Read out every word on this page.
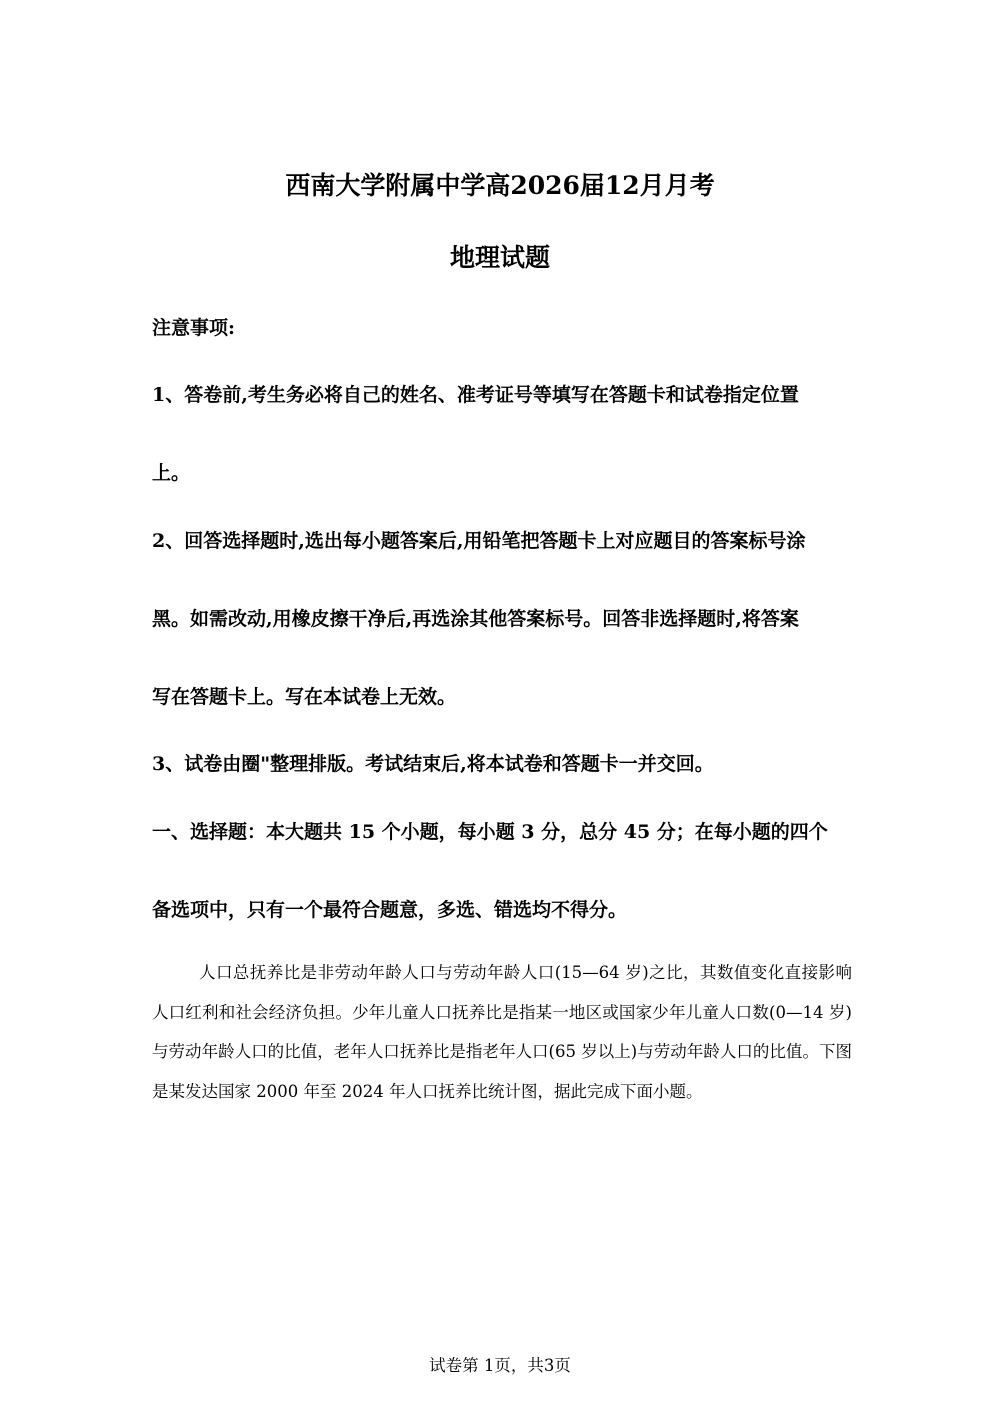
西南大学附属中学高2026届12月月考
地理试题
注意事项:
1、答卷前,考生务必将自己的姓名、准考证号等填写在答题卡和试卷指定位置
上。
2、回答选择题时,选出每小题答案后,用铅笔把答题卡上对应题目的答案标号涂
黑。如需改动,用橡皮擦干净后,再选涂其他答案标号。回答非选择题时,将答案
写在答题卡上。写在本试卷上无效。
3、试卷由圈"整理排版。考试结束后,将本试卷和答题卡一并交回。
一、选择题：本大题共 15 个小题，每小题 3 分，总分 45 分；在每小题的四个
备选项中，只有一个最符合题意，多选、错选均不得分。
人口总抚养比是非劳动年龄人口与劳动年龄人口(15—64 岁)之比，其数值变化直接影响人口红利和社会经济负担。少年儿童人口抚养比是指某一地区或国家少年儿童人口数(0—14 岁)与劳动年龄人口的比值，老年人口抚养比是指老年人口(65 岁以上)与劳动年龄人口的比值。下图是某发达国家 2000 年至 2024 年人口抚养比统计图，据此完成下面小题。
试卷第 1页，共3页
